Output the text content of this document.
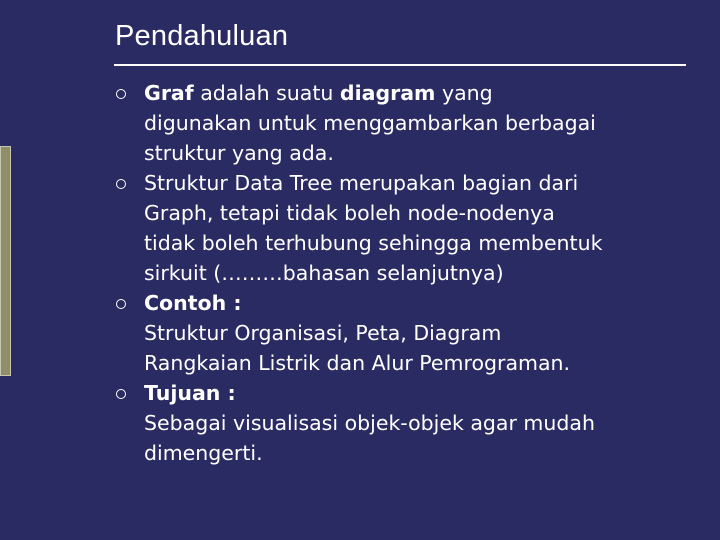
Pendahuluan
Graf adalah suatu diagram yang
digunakan untuk menggambarkan berbagai
struktur yang ada.
Struktur Data Tree merupakan bagian dari
Graph, tetapi tidak boleh node-nodenya
tidak boleh terhubung sehingga membentuk
sirkuit (………bahasan selanjutnya)
Contoh :
Struktur Organisasi, Peta, Diagram
Rangkaian Listrik dan Alur Pemrograman.
Tujuan :
Sebagai visualisasi objek-objek agar mudah
dimengerti.
